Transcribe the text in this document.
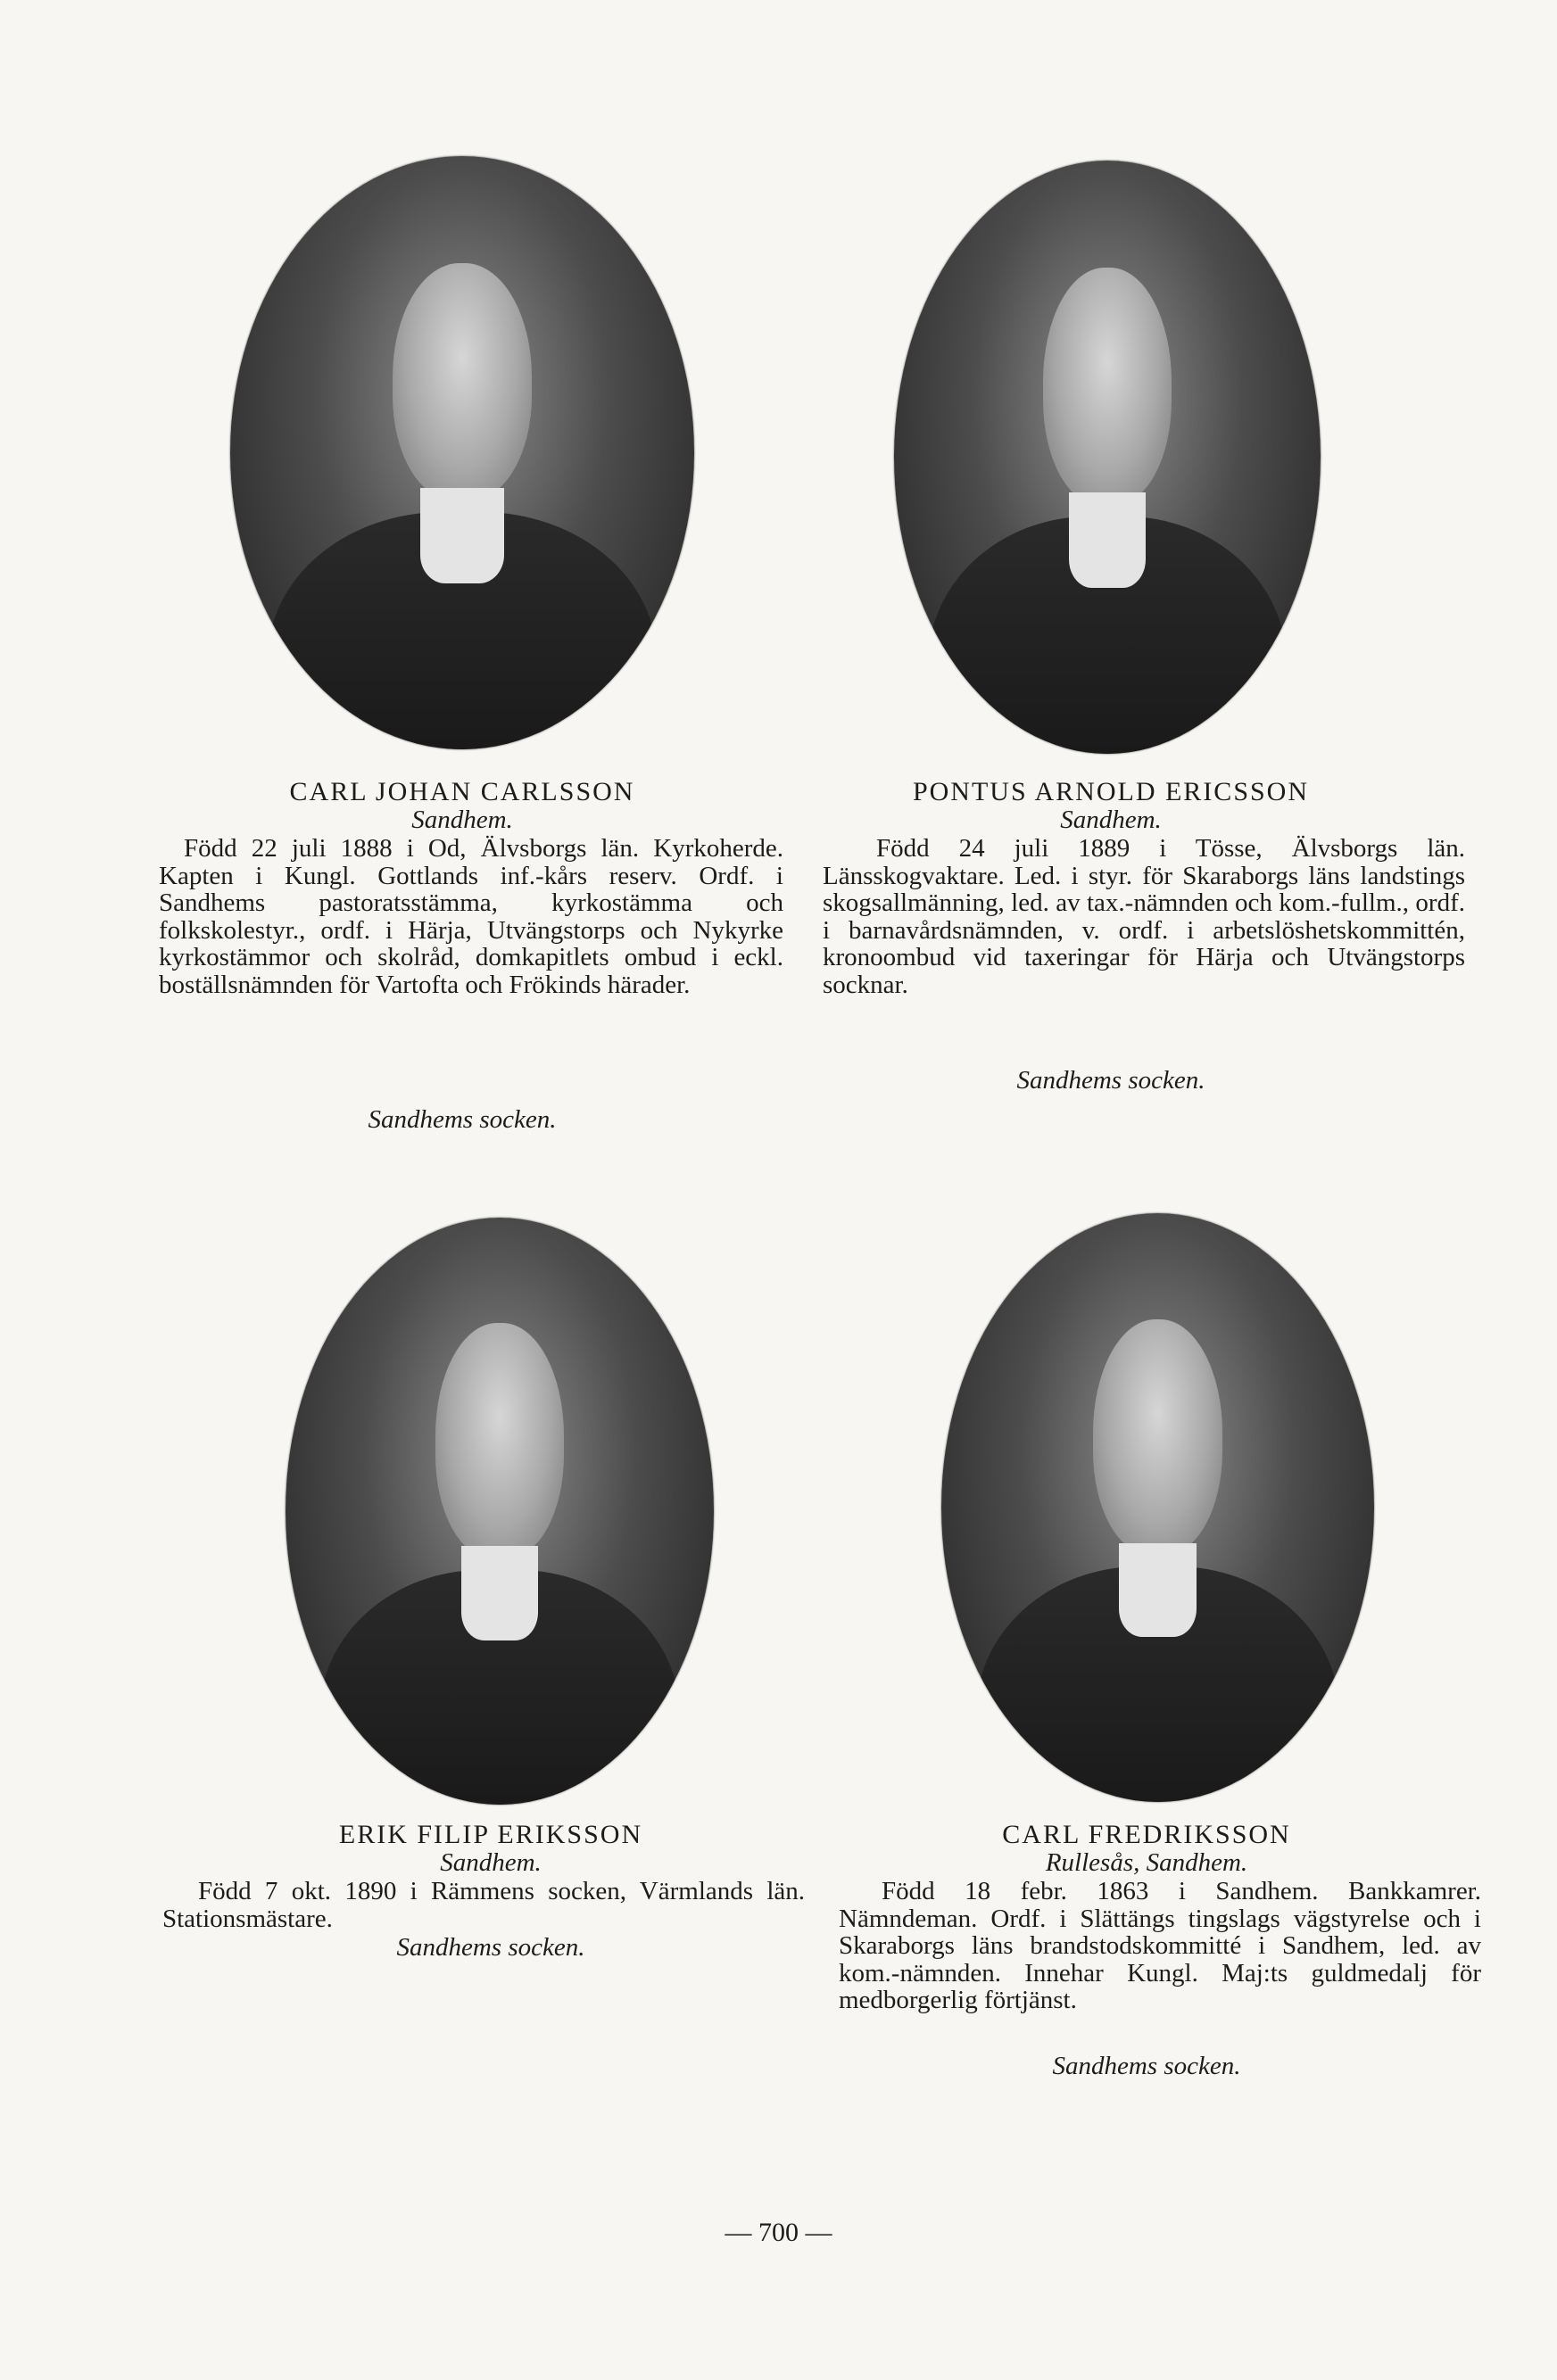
CARL JOHAN CARLSSON
Sandhem.
Född 22 juli 1888 i Od, Älvsborgs län. Kyrkoherde. Kapten i Kungl. Gottlands inf.-kårs reserv. Ordf. i Sandhems pastoratsstämma, kyrkostämma och folkskolestyr., ordf. i Härja, Utvängstorps och Nykyrke kyrkostämmor och skolråd, domkapitlets ombud i eckl. boställsnämnden för Vartofta och Frökinds härader.
Sandhems socken.
PONTUS ARNOLD ERICSSON
Sandhem.
Född 24 juli 1889 i Tösse, Älvsborgs län. Länsskogvaktare. Led. i styr. för Skaraborgs läns landstings skogsallmänning, led. av tax.-nämnden och kom.-fullm., ordf. i barnavårdsnämnden, v. ordf. i arbetslöshetskommittén, kronoombud vid taxeringar för Härja och Utvängstorps socknar.
Sandhems socken.
ERIK FILIP ERIKSSON
Sandhem.
Född 7 okt. 1890 i Rämmens socken, Värmlands län. Stationsmästare.
Sandhems socken.
CARL FREDRIKSSON
Rullesås, Sandhem.
Född 18 febr. 1863 i Sandhem. Bankkamrer. Nämndeman. Ordf. i Slättängs tingslags vägstyrelse och i Skaraborgs läns brandstodskommitté i Sandhem, led. av kom.-nämnden. Innehar Kungl. Maj:ts guldmedalj för medborgerlig förtjänst.
Sandhems socken.
— 700 —
